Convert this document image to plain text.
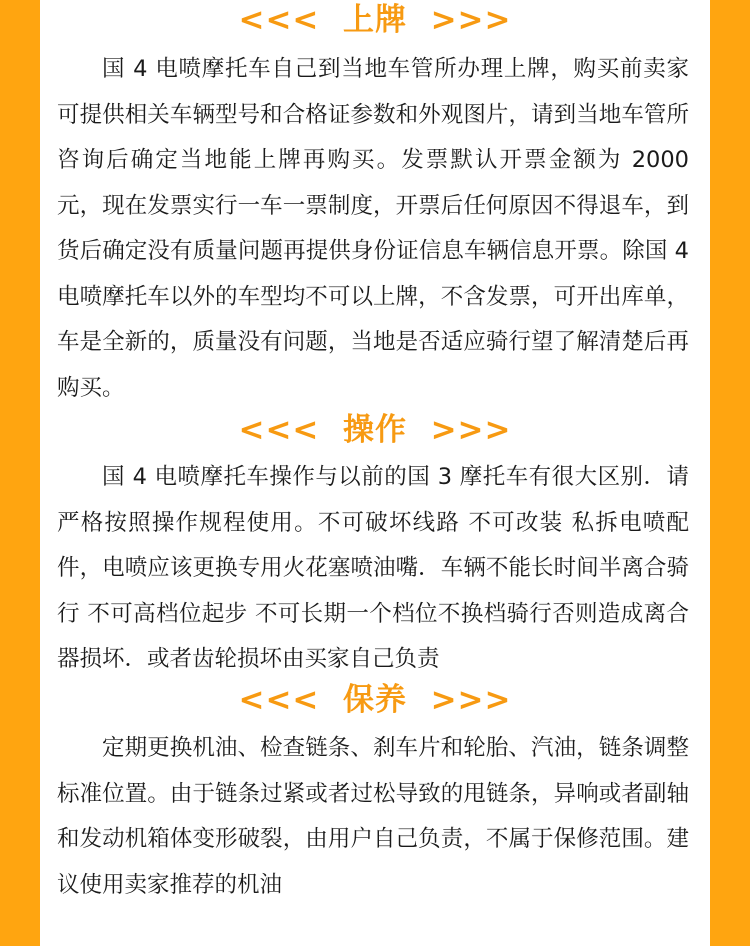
<<<  上牌  >>>

国 4 电喷摩托车自己到当地车管所办理上牌，购买前卖家可提供相关车辆型号和合格证参数和外观图片，请到当地车管所咨询后确定当地能上牌再购买。发票默认开票金额为 2000 元，现在发票实行一车一票制度，开票后任何原因不得退车，到货后确定没有质量问题再提供身份证信息车辆信息开票。除国 4 电喷摩托车以外的车型均不可以上牌，不含发票，可开出库单，车是全新的，质量没有问题，当地是否适应骑行望了解清楚后再购买。

<<<  操作  >>>

国 4 电喷摩托车操作与以前的国 3 摩托车有很大区别．请严格按照操作规程使用。不可破坏线路 不可改装 私拆电喷配件，电喷应该更换专用火花塞喷油嘴．车辆不能长时间半离合骑行 不可高档位起步 不可长期一个档位不换档骑行否则造成离合器损坏．或者齿轮损坏由买家自己负责

<<<  保养  >>>

定期更换机油、检查链条、刹车片和轮胎、汽油，链条调整标准位置。由于链条过紧或者过松导致的甩链条，异响或者副轴和发动机箱体变形破裂，由用户自己负责，不属于保修范围。建议使用卖家推荐的机油
